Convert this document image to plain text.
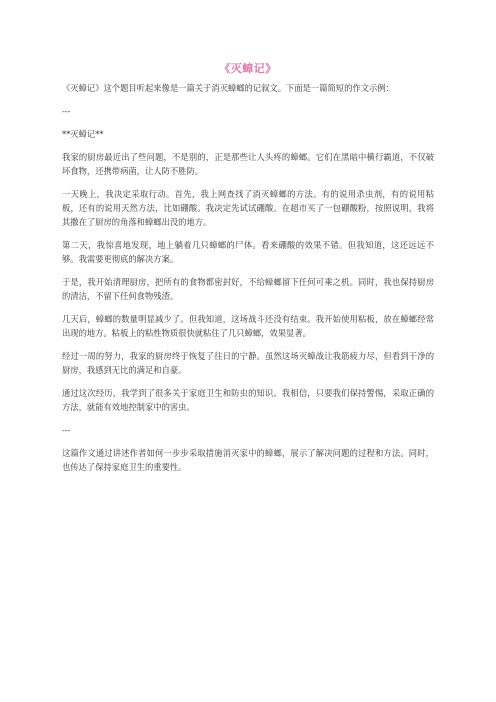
《灭蟑记》
《灭蟑记》这个题目听起来像是一篇关于消灭蟑螂的记叙文。下面是一篇简短的作文示例：
---
**灭蟑记**
我家的厨房最近出了些问题，不是别的，正是那些让人头疼的蟑螂。它们在黑暗中横行霸道，不仅破坏食物，还携带病菌，让人防不胜防。
一天晚上，我决定采取行动。首先，我上网查找了消灭蟑螂的方法。有的说用杀虫剂，有的说用粘板，还有的说用天然方法，比如硼酸。我决定先试试硼酸。在超市买了一包硼酸粉，按照说明，我将其撒在了厨房的角落和蟑螂出没的地方。
第二天，我惊喜地发现，地上躺着几只蟑螂的尸体。看来硼酸的效果不错。但我知道，这还远远不够。我需要更彻底的解决方案。
于是，我开始清理厨房，把所有的食物都密封好，不给蟑螂留下任何可乘之机。同时，我也保持厨房的清洁，不留下任何食物残渣。
几天后，蟑螂的数量明显减少了。但我知道，这场战斗还没有结束。我开始使用粘板，放在蟑螂经常出现的地方。粘板上的粘性物质很快就粘住了几只蟑螂，效果显著。
经过一周的努力，我家的厨房终于恢复了往日的宁静。虽然这场灭蟑战让我筋疲力尽，但看到干净的厨房，我感到无比的满足和自豪。
通过这次经历，我学到了很多关于家庭卫生和防虫的知识。我相信，只要我们保持警惕，采取正确的方法，就能有效地控制家中的害虫。
---
这篇作文通过讲述作者如何一步步采取措施消灭家中的蟑螂，展示了解决问题的过程和方法。同时，也传达了保持家庭卫生的重要性。
